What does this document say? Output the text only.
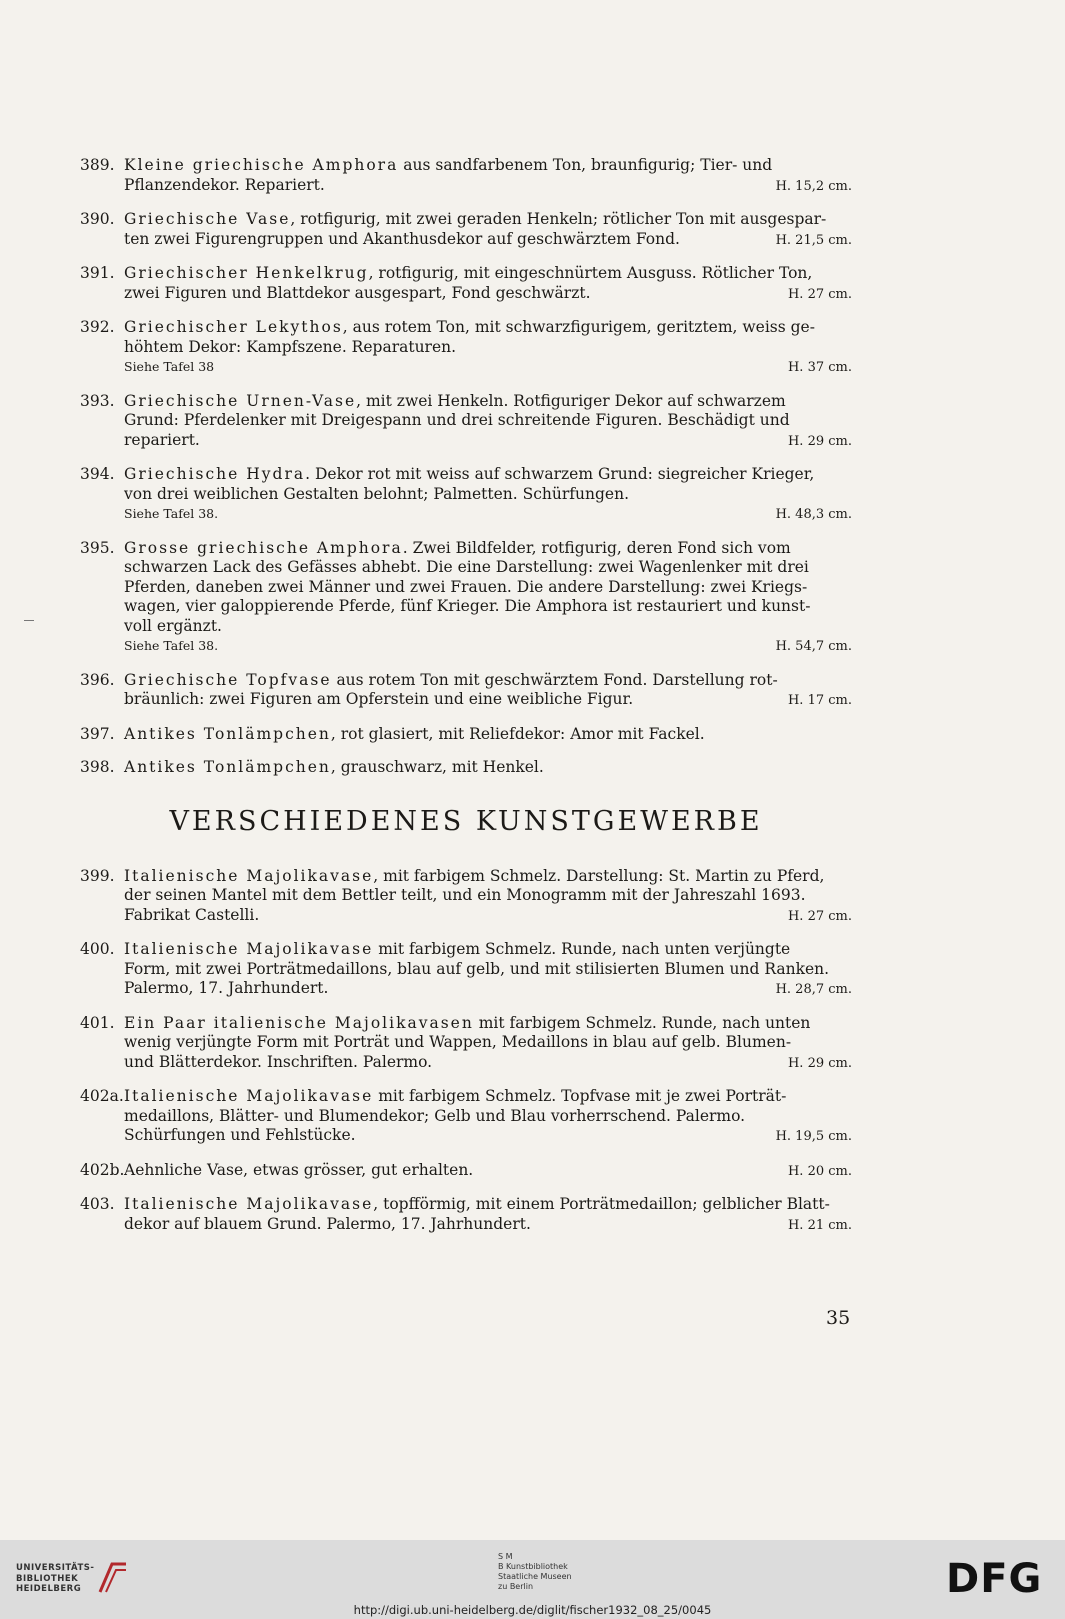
389. Kleine griechische Amphora aus sandfarbenem Ton, braunfigurig; Tier- und
Pflanzendekor. Repariert.	H. 15,2 cm.
390. Griechische Vase, rotfigurig, mit zwei geraden Henkeln; rötlicher Ton mit ausgespar-
ten zwei Figurengruppen und Akanthusdekor auf geschwärztem Fond.	H. 21,5 cm.
391. Griechischer Henkelkrug, rotfigurig, mit eingeschnürtem Ausguss. Rötlicher Ton,
zwei Figuren und Blattdekor ausgespart, Fond geschwärzt.	H. 27 cm.
392. Griechischer Lekythos, aus rotem Ton, mit schwarzfigurigem, geritztem, weiss ge-
höhtem Dekor: Kampfszene. Reparaturen.
Siehe Tafel 38	H. 37 cm.
393. Griechische Urnen-Vase, mit zwei Henkeln. Rotfiguriger Dekor auf schwarzem
Grund: Pferdelenker mit Dreigespann und drei schreitende Figuren. Beschädigt und
repariert.	H. 29 cm.
394. Griechische Hydra. Dekor rot mit weiss auf schwarzem Grund: siegreicher Krieger,
von drei weiblichen Gestalten belohnt; Palmetten. Schürfungen.
Siehe Tafel 38.	H. 48,3 cm.
395. Grosse griechische Amphora. Zwei Bildfelder, rotfigurig, deren Fond sich vom
schwarzen Lack des Gefässes abhebt. Die eine Darstellung: zwei Wagenlenker mit drei
Pferden, daneben zwei Männer und zwei Frauen. Die andere Darstellung: zwei Kriegs-
wagen, vier galoppierende Pferde, fünf Krieger. Die Amphora ist restauriert und kunst-
voll ergänzt.
Siehe Tafel 38.	H. 54,7 cm.
396. Griechische Topfvase aus rotem Ton mit geschwärztem Fond. Darstellung rot-
bräunlich: zwei Figuren am Opferstein und eine weibliche Figur.	H. 17 cm.
397. Antikes Tonlämpchen, rot glasiert, mit Reliefdekor: Amor mit Fackel.
398. Antikes Tonlämpchen, grauschwarz, mit Henkel.
VERSCHIEDENES KUNSTGEWERBE
399. Italienische Majolikavase, mit farbigem Schmelz. Darstellung: St. Martin zu Pferd,
der seinen Mantel mit dem Bettler teilt, und ein Monogramm mit der Jahreszahl 1693.
Fabrikat Castelli.	H. 27 cm.
400. Italienische Majolikavase mit farbigem Schmelz. Runde, nach unten verjüngte
Form, mit zwei Porträtmedaillons, blau auf gelb, und mit stilisierten Blumen und Ranken.
Palermo, 17. Jahrhundert.	H. 28,7 cm.
401. Ein Paar italienische Majolikavasen mit farbigem Schmelz. Runde, nach unten
wenig verjüngte Form mit Porträt und Wappen, Medaillons in blau auf gelb. Blumen-
und Blätterdekor. Inschriften. Palermo.	H. 29 cm.
402a. Italienische Majolikavase mit farbigem Schmelz. Topfvase mit je zwei Porträt-
medaillons, Blätter- und Blumendekor; Gelb und Blau vorherrschend. Palermo.
Schürfungen und Fehlstücke.	H. 19,5 cm.
402b. Aehnliche Vase, etwas grösser, gut erhalten.	H. 20 cm.
403. Italienische Majolikavase, topfförmig, mit einem Porträtmedaillon; gelblicher Blatt-
dekor auf blauem Grund. Palermo, 17. Jahrhundert.	H. 21 cm.
35
UNIVERSITÄTS-
BIBLIOTHEK
HEIDELBERG
S M
B Kunstbibliothek
Staatliche Museen
zu Berlin	DFG
http://digi.ub.uni-heidelberg.de/diglit/fischer1932_08_25/0045
